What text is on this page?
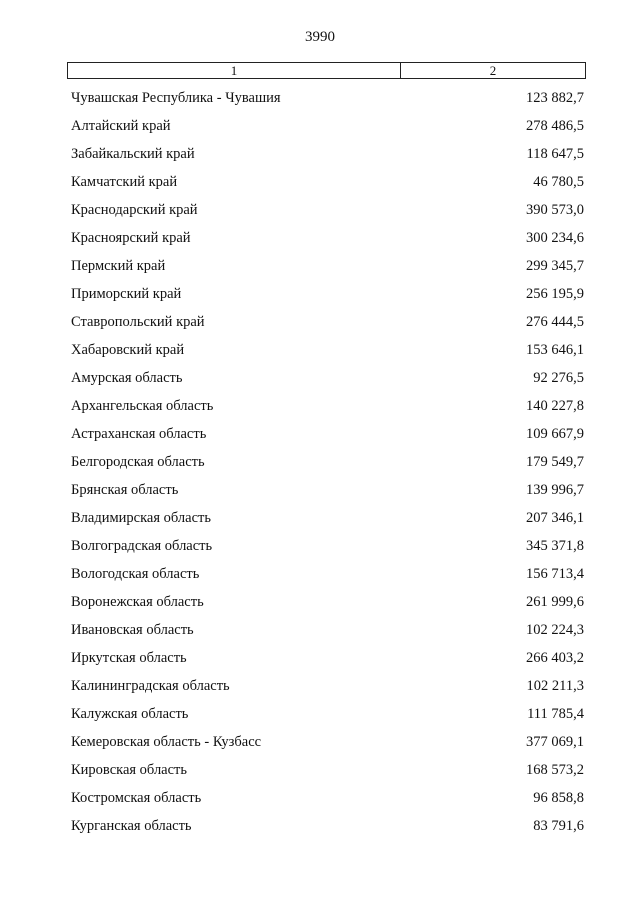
3990
1	2
Чувашская Республика - Чувашия	123 882,7
Алтайский край	278 486,5
Забайкальский край	118 647,5
Камчатский край	46 780,5
Краснодарский край	390 573,0
Красноярский край	300 234,6
Пермский край	299 345,7
Приморский край	256 195,9
Ставропольский край	276 444,5
Хабаровский край	153 646,1
Амурская область	92 276,5
Архангельская область	140 227,8
Астраханская область	109 667,9
Белгородская область	179 549,7
Брянская область	139 996,7
Владимирская область	207 346,1
Волгоградская область	345 371,8
Вологодская область	156 713,4
Воронежская область	261 999,6
Ивановская область	102 224,3
Иркутская область	266 403,2
Калининградская область	102 211,3
Калужская область	111 785,4
Кемеровская область - Кузбасс	377 069,1
Кировская область	168 573,2
Костромская область	96 858,8
Курганская область	83 791,6
